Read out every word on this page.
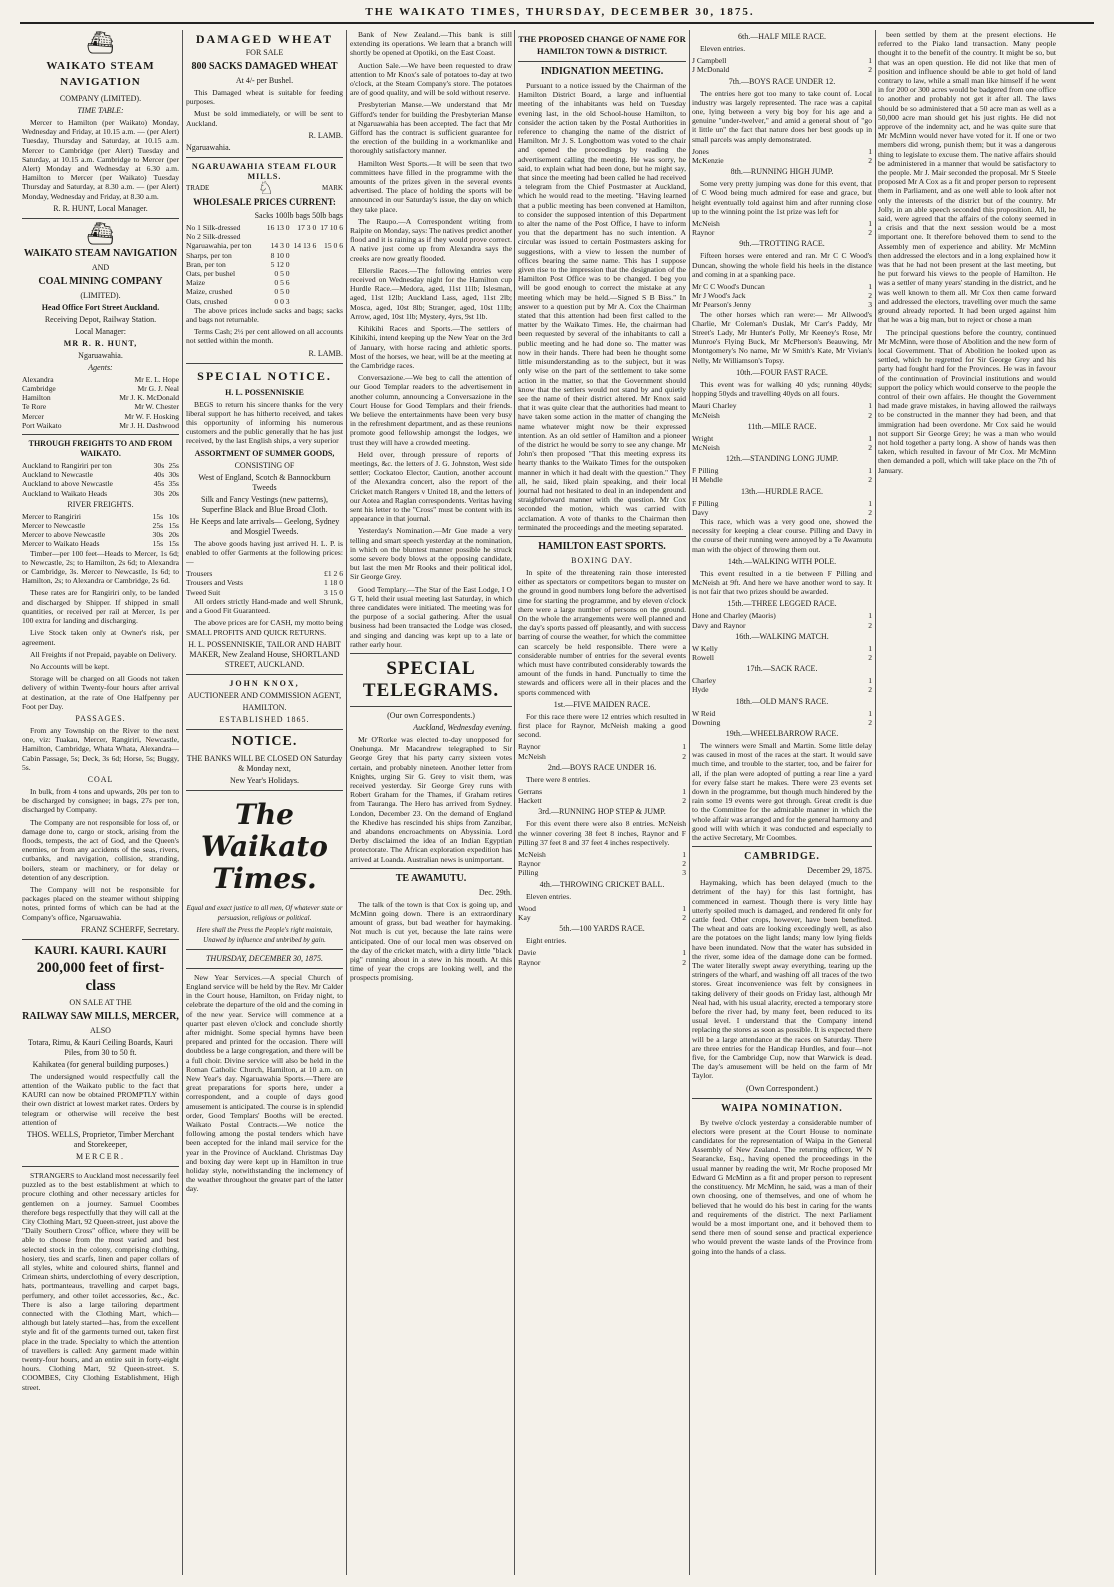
THE WAIKATO TIMES, THURSDAY, DECEMBER 30, 1875.
⛴
WAIKATO STEAM NAVIGATION
COMPANY (LIMITED).
TIME TABLE:
Mercer to Hamilton (per Waikato) Monday, Wednesday and Friday, at 10.15 a.m. — (per Alert) Tuesday, Thursday and Saturday, at 10.15 a.m. Mercer to Cambridge (per Alert) Tuesday and Saturday, at 10.15 a.m. Cambridge to Mercer (per Alert) Monday and Wednesday at 6.30 a.m. Hamilton to Mercer (per Waikato) Tuesday Thursday and Saturday, at 8.30 a.m. — (per Alert) Monday, Wednesday and Friday, at 8.30 a.m.
R. R. HUNT, Local Manager.
⛴
WAIKATO STEAM NAVIGATION
AND
COAL MINING COMPANY
(LIMITED).
Head Office Fort Street Auckland.
Receiving Depot, Railway Station.
Local Manager:
MR R. R. HUNT,
Ngaruawahia.
Agents:
Alexandra	Mr E. L. Hope
Cambridge	Mr G. J. Neal
Hamilton	Mr J. K. McDonald
Te Rore	Mr W. Chester
Mercer	Mr W. F. Hosking
Port Waikato	Mr J. H. Dashwood
THROUGH FREIGHTS TO AND FROM WAIKATO.
Auckland to Rangiriri per ton	30s	25s
Auckland to Newcastle	40s	30s
Auckland to above Newcastle	45s	35s
Auckland to Waikato Heads	30s	20s
RIVER FREIGHTS.
Mercer to Rangiriri	15s	10s
Mercer to Newcastle	25s	15s
Mercer to above Newcastle	30s	20s
Mercer to Waikato Heads	15s	15s
Timber—per 100 feet—Heads to Mercer, 1s 6d; to Newcastle, 2s; to Hamilton, 2s 6d; to Alexandra or Cambridge, 3s. Mercer to Newcastle, 1s 6d; to Hamilton, 2s; to Alexandra or Cambridge, 2s 6d.
These rates are for Rangiriri only, to be landed and discharged by Shipper. If shipped in small quantities, or received per rail at Mercer, 1s per 100 extra for landing and discharging.
Live Stock taken only at Owner's risk, per agreement.
All Freights if not Prepaid, payable on Delivery.
No Accounts will be kept.
Storage will be charged on all Goods not taken delivery of within Twenty-four hours after arrival at destination, at the rate of One Halfpenny per Foot per Day.
PASSAGES.
From any Township on the River to the next one, viz: Tuakau, Mercer, Rangiriri, Newcastle, Hamilton, Cambridge, Whata Whata, Alexandra—Cabin Passage, 5s; Deck, 3s 6d; Horse, 5s; Buggy, 5s.
COAL
In bulk, from 4 tons and upwards, 20s per ton to be discharged by consignee; in bags, 27s per ton, discharged by Company.
The Company are not responsible for loss of, or damage done to, cargo or stock, arising from the floods, tempests, the act of God, and the Queen's enemies, or from any accidents of the seas, rivers, cutbanks, and navigation, collision, stranding, boilers, steam or machinery, or for delay or detention of any description.
The Company will not be responsible for packages placed on the steamer without shipping notes, printed forms of which can be had at the Company's office, Ngaruawahia.
FRANZ SCHERFF, Secretary.
KAURI. KAURI. KAURI
200,000 feet of first-class
ON SALE AT THE
RAILWAY SAW MILLS, MERCER,
ALSO
Totara, Rimu, & Kauri Ceiling Boards, Kauri Piles, from 30 to 50 ft.
Kahikatea (for general building purposes.)
The undersigned would respectfully call the attention of the Waikato public to the fact that KAURI can now be obtained PROMPTLY within their own district at lowest market rates. Orders by telegram or otherwise will receive the best attention of
THOS. WELLS, Proprietor, Timber Merchant and Storekeeper,
MERCER.
STRANGERS to Auckland most necessarily feel puzzled as to the best establishment at which to procure clothing and other necessary articles for gentlemen on a journey. Samuel Coombes therefore begs respectfully that they will call at the City Clothing Mart, 92 Queen-street, just above the "Daily Southern Cross" office, where they will be able to choose from the most varied and best selected stock in the colony, comprising clothing, hosiery, ties and scarfs, linen and paper collars of all styles, white and coloured shirts, flannel and Crimean shirts, underclothing of every description, hats, portmanteaus, travelling and carpet bags, perfumery, and other toilet accessories, &c., &c. There is also a large tailoring department connected with the Clothing Mart, which—although but lately started—has, from the excellent style and fit of the garments turned out, taken first place in the trade. Specialty to which the attention of travellers is called: Any garment made within twenty-four hours, and an entire suit in forty-eight hours. Clothing Mart, 92 Queen-street. S. COOMBES, City Clothing Establishment, High street.
DAMAGED WHEAT
FOR SALE
800 SACKS DAMAGED WHEAT
At 4/- per Bushel.
This Damaged wheat is suitable for feeding purposes.
Must be sold immediately, or will be sent to Auckland.
R. LAMB.
Ngaruawahia.
NGARUAWAHIA STEAM FLOUR MILLS.
TRADE	♘	MARK
WHOLESALE PRICES CURRENT:
Sacks 100lb bags 50lb bags
No 1 Silk-dressed	16 13 0	17 3 0	17 10 6
No 2 Silk-dressed			
Ngaruawahia, per ton	14 3 0	14 13 6	15 0 6
Sharps, per ton	8 10 0		
Bran, per ton	5 12 0		
Oats, per bushel	0 5 0		
Maize	0 5 6		
Maize, crushed	0 5 0		
Oats, crushed	0 0 3		
The above prices include sacks and bags; sacks and bags not returnable.
Terms Cash; 2½ per cent allowed on all accounts not settled within the month.
R. LAMB.
SPECIAL NOTICE.
H. L. POSSENNISKIE
BEGS to return his sincere thanks for the very liberal support he has hitherto received, and takes this opportunity of informing his numerous customers and the public generally that he has just received, by the last English ships, a very superior
ASSORTMENT OF SUMMER GOODS,
CONSISTING OF
West of England, Scotch & Bannockburn Tweeds
Silk and Fancy Vestings (new patterns), Superfine Black and Blue Broad Cloth.
He Keeps and late arrivals— Geelong, Sydney and Mosgiel Tweeds.
The above goods having just arrived H. L. P. is enabled to offer Garments at the following prices:—
Trousers	£1 2 6
Trousers and Vests	1 18 0
Tweed Suit	3 15 0
All orders strictly Hand-made and well Shrunk, and a Good Fit Guaranteed.
The above prices are for CASH, my motto being SMALL PROFITS AND QUICK RETURNS.
H. L. POSSENNISKIE, TAILOR AND HABIT MAKER, New Zealand House, SHORTLAND STREET, AUCKLAND.
JOHN KNOX,
AUCTIONEER AND COMMISSION AGENT,
HAMILTON.
ESTABLISHED 1865.
NOTICE.
THE BANKS WILL BE CLOSED ON Saturday & Monday next,
New Year's Holidays.
The Waikato Times.
Equal and exact justice to all men, Of whatever state or persuasion, religious or political.
Here shall the Press the People's right maintain, Unawed by influence and unbribed by gain.
THURSDAY, DECEMBER 30, 1875.
New Year Services.—A special Church of England service will be held by the Rev. Mr Calder in the Court house, Hamilton, on Friday night, to celebrate the departure of the old and the coming in of the new year. Service will commence at a quarter past eleven o'clock and conclude shortly after midnight. Some special hymns have been prepared and printed for the occasion. There will doubtless be a large congregation, and there will be a full choir. Divine service will also be held in the Roman Catholic Church, Hamilton, at 10 a.m. on New Year's day. Ngaruawahia Sports.—There are great preparations for sports here, under a correspondent, and a couple of days good amusement is anticipated. The course is in splendid order, Good Templars' Booths will be erected. Waikato Postal Contracts.—We notice the following among the postal tenders which have been accepted for the inland mail service for the year in the Province of Auckland. Christmas Day and boxing day were kept up in Hamilton in true holiday style, notwithstanding the inclemency of the weather throughout the greater part of the latter day.
Bank of New Zealand.—This bank is still extending its operations. We learn that a branch will shortly be opened at Opotiki, on the East Coast.
Auction Sale.—We have been requested to draw attention to Mr Knox's sale of potatoes to-day at two o'clock, at the Steam Company's store. The potatoes are of good quality, and will be sold without reserve.
Presbyterian Manse.—We understand that Mr Gifford's tender for building the Presbyterian Manse at Ngaruawahia has been accepted. The fact that Mr Gifford has the contract is sufficient guarantee for the erection of the building in a workmanlike and thoroughly satisfactory manner.
Hamilton West Sports.—It will be seen that two committees have filled in the programme with the amounts of the prizes given in the several events advertised. The place of holding the sports will be announced in our Saturday's issue, the day on which they take place.
The Raupo.—A Correspondent writing from Raipite on Monday, says: The natives predict another flood and it is raining as if they would prove correct. A native just come up from Alexandra says the creeks are now greatly flooded.
Ellerslie Races.—The following entries were received on Wednesday night for the Hamilton cup Hurdle Race.—Medora, aged, 11st 11lb; Islesman, aged, 11st 12lb; Auckland Lass, aged, 11st 2lb; Mosca, aged, 10st 8lb; Stranger, aged, 10st 11lb; Arrow, aged, 10st 1lb; Mystery, 4yrs, 9st 1lb.
Kihikihi Races and Sports.—The settlers of Kihikihi, intend keeping up the New Year on the 3rd of January, with horse racing and athletic sports. Most of the horses, we hear, will be at the meeting at the Cambridge races.
Conversazione.—We beg to call the attention of our Good Templar readers to the advertisement in another column, announcing a Conversazione in the Court House for Good Templars and their friends. We believe the entertainments have been very busy in the refreshment department, and as these reunions promote good fellowship amongst the lodges, we trust they will have a crowded meeting.
Held over, through pressure of reports of meetings, &c. the letters of J. G. Johnston, West side settler; Cockatoo Elector, Caution, another account of the Alexandra concert, also the report of the Cricket match Rangers v United 18, and the letters of our Aotea and Raglan correspondents. Veritas having sent his letter to the "Cross" must be content with its appearance in that journal.
Yesterday's Nomination.—Mr Gue made a very telling and smart speech yesterday at the nomination, in which on the bluntest manner possible he struck some severe body blows at the opposing candidate, but last the men Mr Rooks and their political idol, Sir George Grey.
Good Templary.—The Star of the East Lodge, I O G T, held their usual meeting last Saturday, in which three candidates were initiated. The meeting was for the purpose of a social gathering. After the usual business had been transacted the Lodge was closed, and singing and dancing was kept up to a late or rather early hour.
SPECIAL TELEGRAMS.
(Our own Correspondents.)
Auckland, Wednesday evening.
Mr O'Rorke was elected to-day unopposed for Onehunga. Mr Macandrew telegraphed to Sir George Grey that his party carry sixteen votes certain, and probably nineteen. Another letter from Knights, urging Sir G. Grey to visit them, was received yesterday. Sir George Grey runs with Robert Graham for the Thames, if Graham retires from Tauranga. The Hero has arrived from Sydney. London, December 23. On the demand of England the Khedive has rescinded his ships from Zanzibar, and abandons encroachments on Abyssinia. Lord Derby disclaimed the idea of an Indian Egyptian protectorate. The African exploration expedition has arrived at Loanda. Australian news is unimportant.
TE AWAMUTU.
Dec. 29th.
The talk of the town is that Cox is going up, and McMinn going down. There is an extraordinary amount of grass, but bad weather for haymaking. Not much is cut yet, because the late rains were anticipated. One of our local men was observed on the day of the cricket match, with a dirty little "black pig" running about in a stew in his mouth. At this time of year the crops are looking well, and the prospects promising.
THE PROPOSED CHANGE OF NAME FOR HAMILTON TOWN & DISTRICT.
INDIGNATION MEETING.
Pursuant to a notice issued by the Chairman of the Hamilton District Board, a large and influential meeting of the inhabitants was held on Tuesday evening last, in the old School-house Hamilton, to consider the action taken by the Postal Authorities in reference to changing the name of the district of Hamilton. Mr J. S. Longbottom was voted to the chair and opened the proceedings by reading the advertisement calling the meeting. He was sorry, he said, to explain what had been done, but he might say, that since the meeting had been called he had received a telegram from the Chief Postmaster at Auckland, which he would read to the meeting. "Having learned that a public meeting has been convened at Hamilton, to consider the supposed intention of this Department to alter the name of the Post Office, I have to inform you that the department has no such intention. A circular was issued to certain Postmasters asking for suggestions, with a view to lessen the number of offices bearing the same name. This has I suppose given rise to the impression that the designation of the Hamilton Post Office was to be changed. I beg you will be good enough to correct the mistake at any meeting which may be held.—Signed S B Biss." In answer to a question put by Mr A. Cox the Chairman stated that this attention had been first called to the matter by the Waikato Times. He, the chairman had been requested by several of the inhabitants to call a public meeting and he had done so. The matter was now in their hands. There had been he thought some little misunderstanding as to the subject, but it was only wise on the part of the settlement to take some action in the matter, so that the Government should know that the settlers would not stand by and quietly see the name of their district altered. Mr Knox said that it was quite clear that the authorities had meant to have taken some action in the matter of changing the name whatever might now be their expressed intention. As an old settler of Hamilton and a pioneer of the district he would be sorry to see any change. Mr John's then proposed "That this meeting express its hearty thanks to the Waikato Times for the outspoken manner in which it had dealt with the question." They all, he said, liked plain speaking, and their local journal had not hesitated to deal in an independent and straightforward manner with the question. Mr Cox seconded the motion, which was carried with acclamation. A vote of thanks to the Chairman then terminated the proceedings and the meeting separated.
HAMILTON EAST SPORTS.
BOXING DAY.
In spite of the threatening rain those interested either as spectators or competitors began to muster on the ground in good numbers long before the advertised time for starting the programme, and by eleven o'clock there were a large number of persons on the ground. On the whole the arrangements were well planned and the day's sports passed off pleasantly, and with success barring of course the weather, for which the committee can scarcely be held responsible. There were a considerable number of entries for the several events which must have contributed considerably towards the amount of the funds in hand. Punctually to time the stewards and officers were all in their places and the sports commenced with
1st.—FIVE MAIDEN RACE.
For this race there were 12 entries which resulted in first place for Raynor, McNeish making a good second.
Raynor	1
McNeish	2
2nd.—BOYS RACE UNDER 16.
There were 8 entries.
Gerrans	1
Hackett	2
3rd.—RUNNING HOP STEP & JUMP.
For this event there were also 8 entries. McNeish the winner covering 38 feet 8 inches, Raynor and F Pilling 37 feet 8 and 37 feet 4 inches respectively.
McNeish	1
Raynor	2
Pilling	3
4th.—THROWING CRICKET BALL.
Eleven entries.
Wood	1
Kay	2
5th.—100 YARDS RACE.
Eight entries.
Davie	1
Raynor	2
6th.—HALF MILE RACE.
Eleven entries.
J Campbell	1
J McDonald	2
7th.—BOYS RACE UNDER 12.
The entries here got too many to take count of. Local industry was largely represented. The race was a capital one, lying between a very big boy for his age and a genuine "under-twelver," and amid a general shout of "go it little un" the fact that nature does her best goods up in small parcels was amply demonstrated.
Jones	1
McKenzie	2
8th.—RUNNING HIGH JUMP.
Some very pretty jumping was done for this event, that of C Wood being much admired for ease and grace, but height eventually told against him and after running close up to the winning point the 1st prize was left for
McNeish	1
Raynor	2
9th.—TROTTING RACE.
Fifteen horses were entered and ran. Mr C C Wood's Duncan, showing the whole field his heels in the distance and coming in at a spanking pace.
Mr C C Wood's Duncan	1
Mr J Wood's Jack	2
Mr Pearson's Jenny	3
The other horses which ran were:— Mr Allwood's Charlie, Mr Coleman's Duslak, Mr Carr's Paddy, Mr Street's Lady, Mr Hunter's Polly, Mr Keeney's Rose, Mr Munroe's Flying Buck, Mr McPherson's Beauwing, Mr Montgomery's No name, Mr W Smith's Kate, Mr Vivian's Nelly, Mr Williamson's Topsy.
10th.—FOUR FAST RACE.
This event was for walking 40 yds; running 40yds; hopping 50yds and travelling 40yds on all fours.
Mauri Charley	1
McNeish	2
11th.—MILE RACE.
Wright	1
McNeish	2
12th.—STANDING LONG JUMP.
F Pilling	1
H Mehdle	2
13th.—HURDLE RACE.
F Pilling	1
Davy	2
This race, which was a very good one, showed the necessity for keeping a clear course. Pilling and Davy in the course of their running were annoyed by a Te Awamutu man with the object of throwing them out.
14th.—WALKING WITH POLE.
This event resulted in a tie between F Pilling and McNeish at 9ft. And here we have another word to say. It is not fair that two prizes should be awarded.
15th.—THREE LEGGED RACE.
Hone and Charley (Maoris)	1
Davy and Raynor	2
16th.—WALKING MATCH.
W Kelly	1
Rowell	2
17th.—SACK RACE.
Charley	1
Hyde	2
18th.—OLD MAN'S RACE.
W Reid	1
Downing	2
19th.—WHEELBARROW RACE.
The winners were Small and Martin. Some little delay was caused in most of the races at the start. It would save much time, and trouble to the starter, too, and be fairer for all, if the plan were adopted of putting a rear line a yard for every false start he makes. There were 23 events set down in the programme, but though much hindered by the rain some 19 events were got through. Great credit is due to the Committee for the admirable manner in which the whole affair was arranged and for the general harmony and good will with which it was conducted and especially to the active Secretary, Mr Coombes.
CAMBRIDGE.
December 29, 1875.
Haymaking, which has been delayed (much to the detriment of the hay) for this last fortnight, has commenced in earnest. Though there is very little hay utterly spoiled much is damaged, and rendered fit only for cattle feed. Other crops, however, have been benefited. The wheat and oats are looking exceedingly well, as also are the potatoes on the light lands; many low lying fields have been inundated. Now that the water has subsided in the river, some idea of the damage done can be formed. The water literally swept away everything, tearing up the stringers of the wharf, and washing off all traces of the two stores. Great inconvenience was felt by consignees in taking delivery of their goods on Friday last, although Mr Neal had, with his usual alacrity, erected a temporary store before the river had, by many feet, been reduced to its usual level. I understand that the Company intend replacing the stores as soon as possible. It is expected there will be a large attendance at the races on Saturday. There are three entries for the Handicap Hurdles, and four—not five, for the Cambridge Cup, now that Warwick is dead. The day's amusement will be held on the farm of Mr Taylor.
(Own Correspondent.)
WAIPA NOMINATION.
By twelve o'clock yesterday a considerable number of electors were present at the Court House to nominate candidates for the representation of Waipa in the General Assembly of New Zealand. The returning officer, W N Searancke, Esq., having opened the proceedings in the usual manner by reading the writ, Mr Roche proposed Mr Edward G McMinn as a fit and proper person to represent the constituency. Mr McMinn, he said, was a man of their own choosing, one of themselves, and one of whom he believed that he would do his best in caring for the wants and requirements of the district. The next Parliament would be a most important one, and it behoved them to send there men of sound sense and practical experience who would prevent the waste lands of the Province from going into the hands of a class.
been settled by them at the present elections. He referred to the Piako land transaction. Many people thought it to the benefit of the country. It might be so, but that was an open question. He did not like that men of position and influence should be able to get hold of land contrary to law, while a small man like himself if he went in for 200 or 300 acres would be badgered from one office to another and probably not get it after all. The laws should be so administered that a 50 acre man as well as a 50,000 acre man should get his just rights. He did not approve of the indemnity act, and he was quite sure that Mr McMinn would never have voted for it. If one or two members did wrong, punish them; but it was a dangerous thing to legislate to excuse them. The native affairs should be administered in a manner that would be satisfactory to the people. Mr J. Mair seconded the proposal. Mr S Steele proposed Mr A Cox as a fit and proper person to represent them in Parliament, and as one well able to look after not only the interests of the district but of the country. Mr Jolly, in an able speech seconded this proposition. All, he said, were agreed that the affairs of the colony seemed in a crisis and that the next session would be a most important one. It therefore behoved them to send to the Assembly men of experience and ability. Mr McMinn then addressed the electors and in a long explained how it was that he had not been present at the last meeting, but he put forward his views to the people of Hamilton. He was a settler of many years' standing in the district, and he was well known to them all. Mr Cox then came forward and addressed the electors, travelling over much the same ground already reported. It had been urged against him that he was a big man, but to reject or chose a man
The principal questions before the country, continued Mr McMinn, were those of Abolition and the new form of local Government. That of Abolition he looked upon as settled, which he regretted for Sir George Grey and his party had fought hard for the Provinces. He was in favour of the continuation of Provincial institutions and would support the policy which would conserve to the people the control of their own affairs. He thought the Government had made grave mistakes, in having allowed the railways to be constructed in the manner they had been, and that immigration had been overdone. Mr Cox said he would not support Sir George Grey; he was a man who would not hold together a party long. A show of hands was then taken, which resulted in favour of Mr Cox. Mr McMinn then demanded a poll, which will take place on the 7th of January.
